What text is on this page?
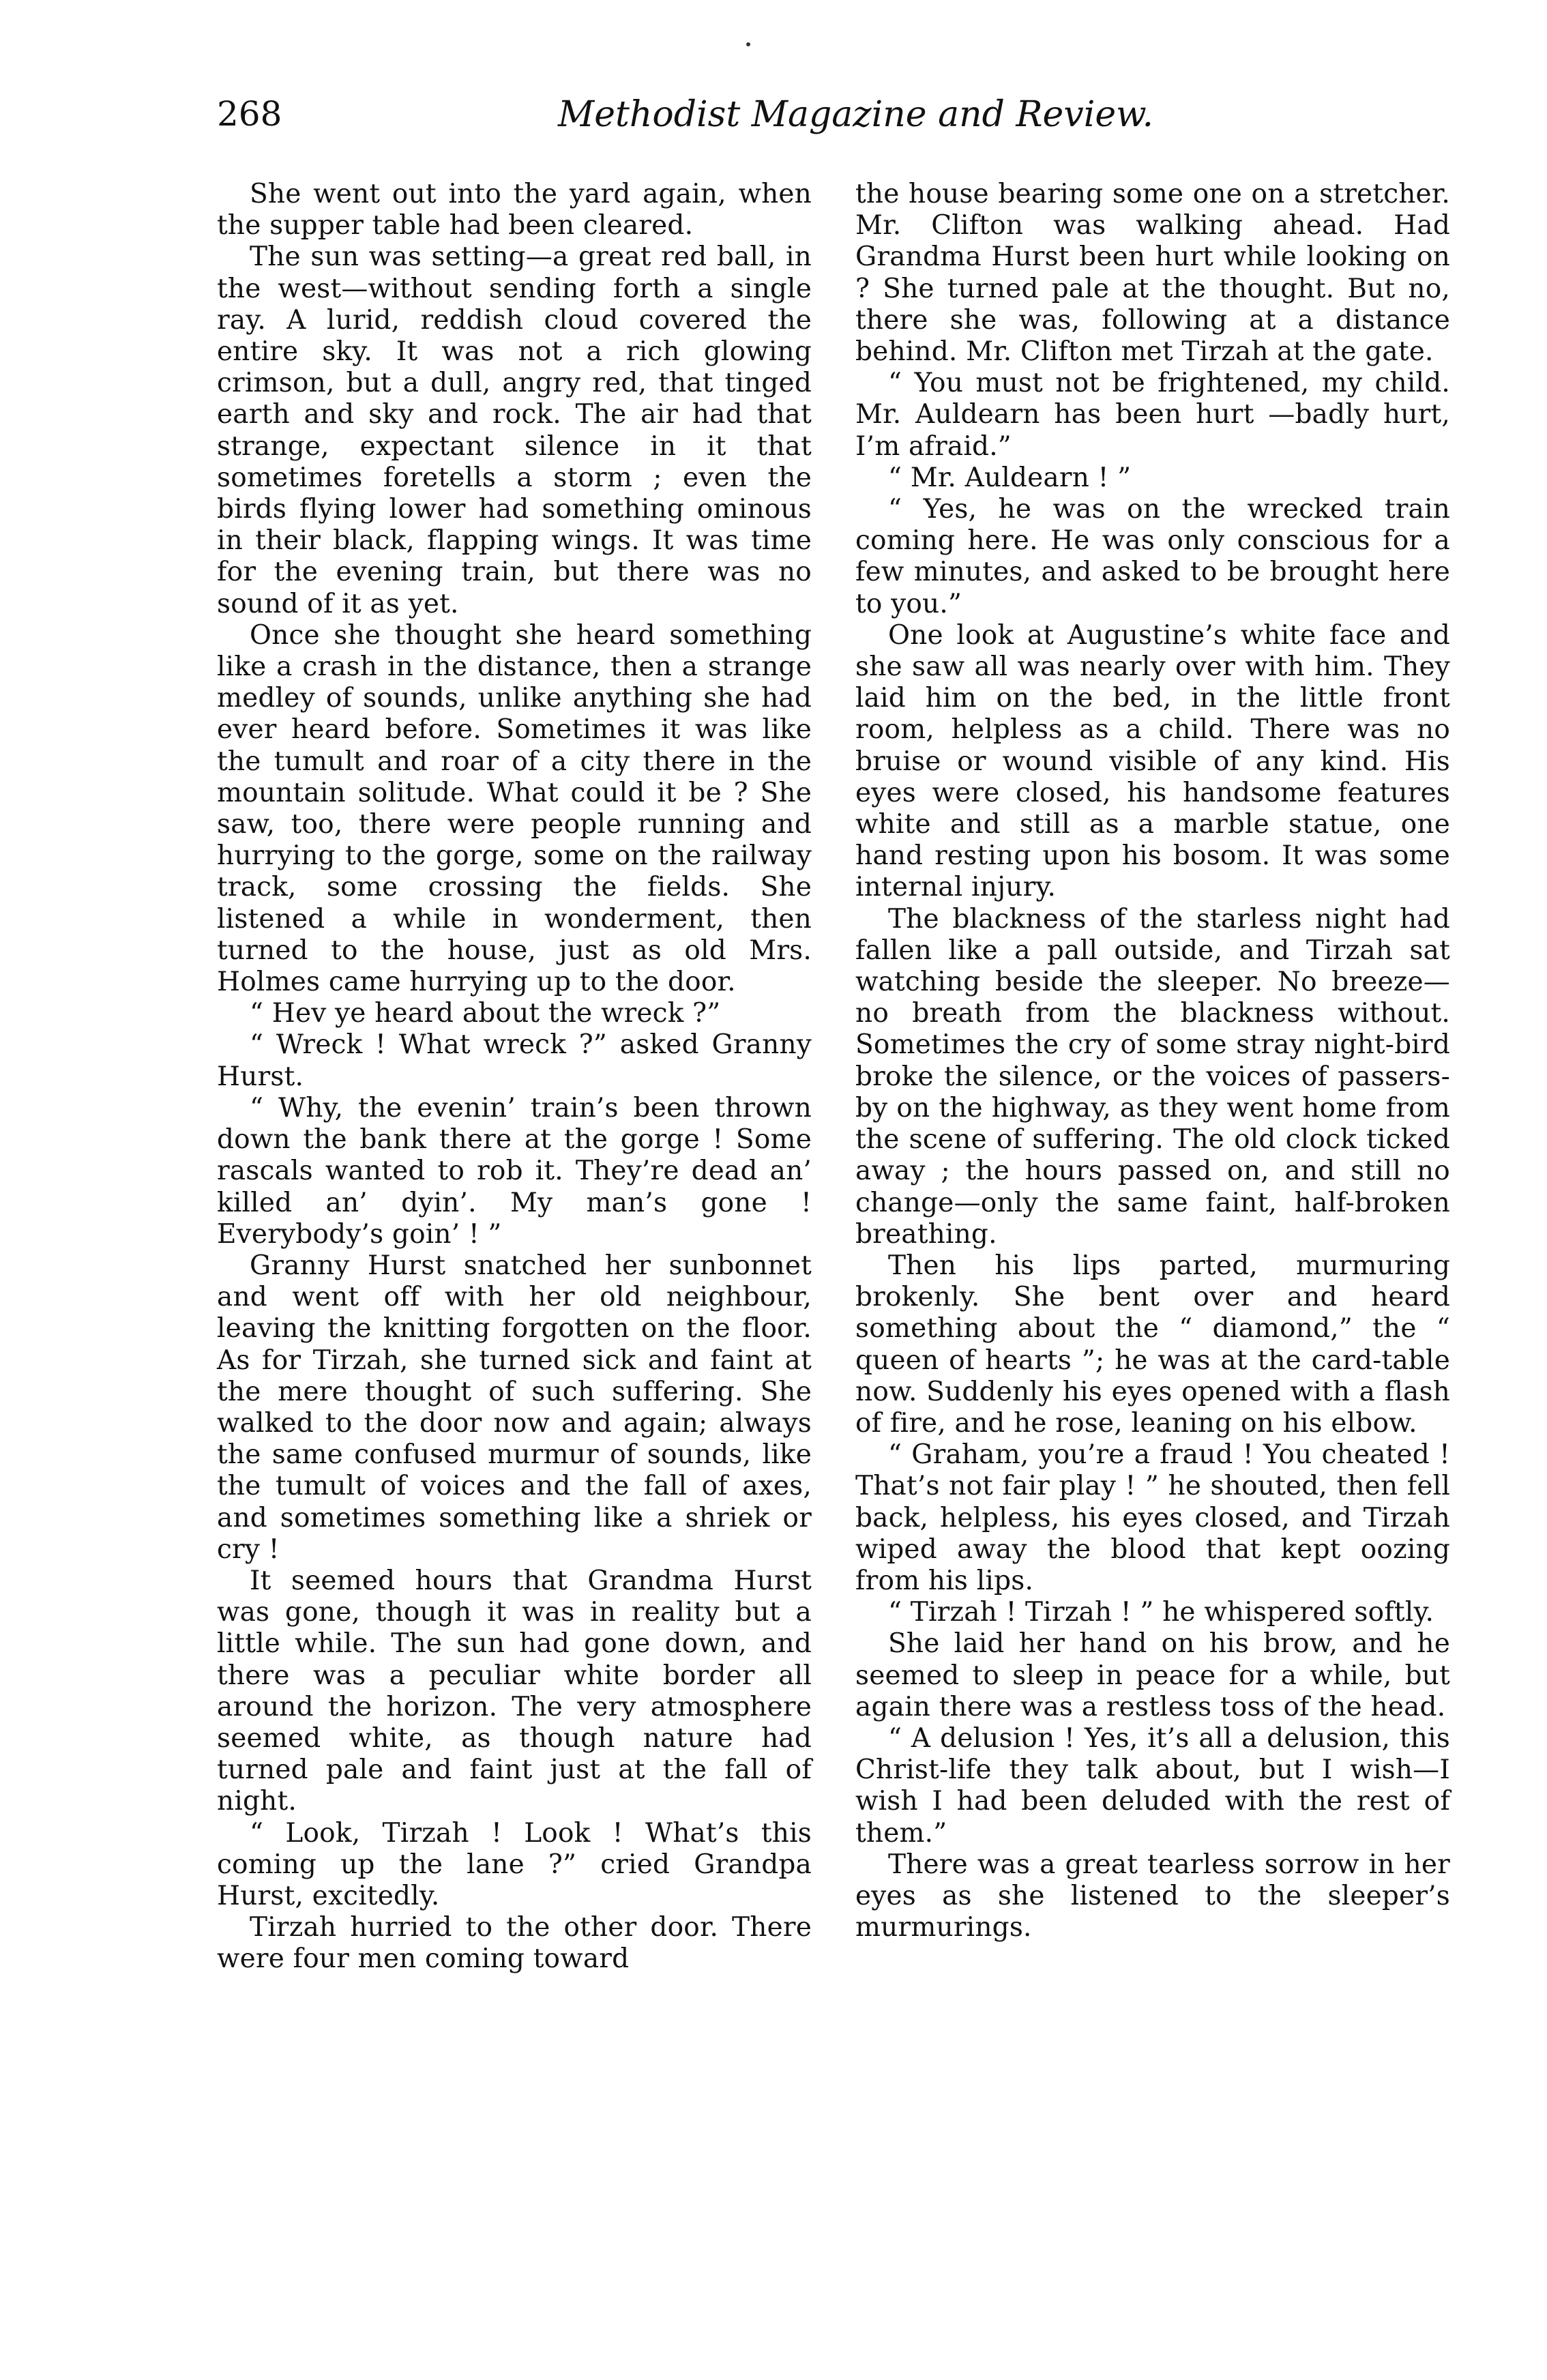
268	Methodist Magazine and Review.

She went out into the yard again, when the supper table had been cleared.

The sun was setting—a great red ball, in the west—without sending forth a single ray. A lurid, reddish cloud covered the entire sky. It was not a rich glowing crimson, but a dull, angry red, that tinged earth and sky and rock. The air had that strange, expectant silence in it that sometimes foretells a storm ; even the birds flying lower had something ominous in their black, flapping wings. It was time for the evening train, but there was no sound of it as yet.

Once she thought she heard something like a crash in the distance, then a strange medley of sounds, unlike anything she had ever heard before. Sometimes it was like the tumult and roar of a city there in the mountain solitude. What could it be ? She saw, too, there were people running and hurrying to the gorge, some on the railway track, some crossing the fields. She listened a while in wonderment, then turned to the house, just as old Mrs. Holmes came hurrying up to the door.

“ Hev ye heard about the wreck ?”

“ Wreck ! What wreck ?” asked Granny Hurst.

“ Why, the evenin’ train’s been thrown down the bank there at the gorge ! Some rascals wanted to rob it. They’re dead an’ killed an’ dyin’. My man’s gone ! Everybody’s goin’ ! ”

Granny Hurst snatched her sunbonnet and went off with her old neighbour, leaving the knitting forgotten on the floor. As for Tirzah, she turned sick and faint at the mere thought of such suffering. She walked to the door now and again; always the same confused murmur of sounds, like the tumult of voices and the fall of axes, and sometimes something like a shriek or cry !

It seemed hours that Grandma Hurst was gone, though it was in reality but a little while. The sun had gone down, and there was a peculiar white border all around the horizon. The very atmosphere seemed white, as though nature had turned pale and faint just at the fall of night.

“ Look, Tirzah ! Look ! What’s this coming up the lane ?” cried Grandpa Hurst, excitedly.

Tirzah hurried to the other door. There were four men coming toward

the house bearing some one on a stretcher. Mr. Clifton was walking ahead. Had Grandma Hurst been hurt while looking on ? She turned pale at the thought. But no, there she was, following at a distance behind. Mr. Clifton met Tirzah at the gate.

“ You must not be frightened, my child. Mr. Auldearn has been hurt —badly hurt, I’m afraid.”

“ Mr. Auldearn ! ”

“ Yes, he was on the wrecked train coming here. He was only conscious for a few minutes, and asked to be brought here to you.”

One look at Augustine’s white face and she saw all was nearly over with him. They laid him on the bed, in the little front room, helpless as a child. There was no bruise or wound visible of any kind. His eyes were closed, his handsome features white and still as a marble statue, one hand resting upon his bosom. It was some internal injury.

The blackness of the starless night had fallen like a pall outside, and Tirzah sat watching beside the sleeper. No breeze—no breath from the blackness without. Sometimes the cry of some stray night-bird broke the silence, or the voices of passers-by on the highway, as they went home from the scene of suffering. The old clock ticked away ; the hours passed on, and still no change—only the same faint, half-broken breathing.

Then his lips parted, murmuring brokenly. She bent over and heard something about the “ diamond,” the “ queen of hearts ”; he was at the card-table now. Suddenly his eyes opened with a flash of fire, and he rose, leaning on his elbow.

“ Graham, you’re a fraud ! You cheated ! That’s not fair play ! ” he shouted, then fell back, helpless, his eyes closed, and Tirzah wiped away the blood that kept oozing from his lips.

“ Tirzah ! Tirzah ! ” he whispered softly.

She laid her hand on his brow, and he seemed to sleep in peace for a while, but again there was a restless toss of the head.

“ A delusion ! Yes, it’s all a delusion, this Christ-life they talk about, but I wish—I wish I had been deluded with the rest of them.”

There was a great tearless sorrow in her eyes as she listened to the sleeper’s murmurings.
